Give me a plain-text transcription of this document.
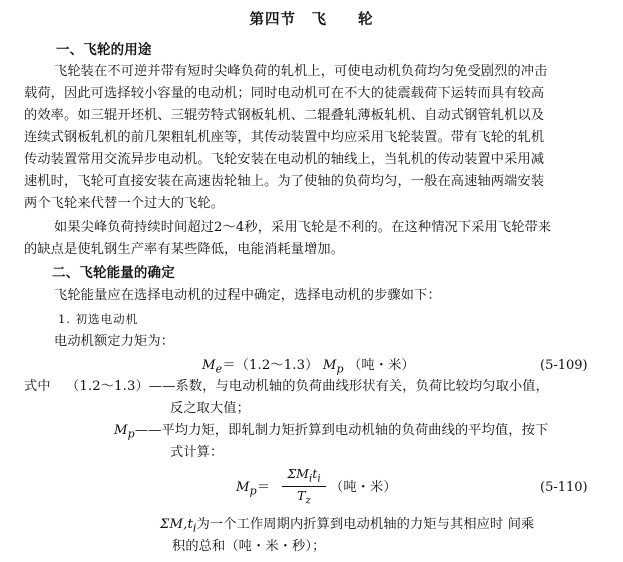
第四节　飞　　轮
一、飞轮的用途
飞轮装在不可逆并带有短时尖峰负荷的轧机上，可使电动机负荷均匀免受剧烈的冲击
载荷，因此可选择较小容量的电动机；同时电动机可在不大的徒震载荷下运转而具有较高
的效率。如三辊开坯机、三辊劳特式钢板轧机、二辊叠轧薄板轧机、自动式钢管轧机以及
连续式钢板轧机的前几架粗轧机座等，其传动装置中均应采用飞轮装置。带有飞轮的轧机
传动装置常用交流异步电动机。飞轮安装在电动机的轴线上，当轧机的传动装置中采用减
速机时，飞轮可直接安装在高速齿轮轴上。为了使轴的负荷均匀，一般在高速轴两端安装
两个飞轮来代替一个过大的飞轮。
如果尖峰负荷持续时间超过2～4秒，采用飞轮是不利的。在这种情况下采用飞轮带来
的缺点是使轧钢生产率有某些降低，电能消耗量增加。
二、飞轮能量的确定
飞轮能量应在选择电动机的过程中确定，选择电动机的步骤如下：
1. 初选电动机
电动机额定力矩为：
$M_e=(1.2\sim 1.3)$ $M_p$ （吨・米）	(5-109)
式中 （1.2～1.3）——系数，与电动机轴的负荷曲线形状有关，负荷比较均匀取小值，
反之取大值；
$M_p——$平均力矩，即轧制力矩折算到电动机轴的负荷曲线的平均值，按下
式计算：
$M_p=$
$\Sigma M_it_i$
$T_z$
（吨・米）	(5-110)
$\Sigma M,t_i$为一个工作周期内折算到电动机轴的力矩与其相应时 间乘
积的总和（吨・米・秒）；
